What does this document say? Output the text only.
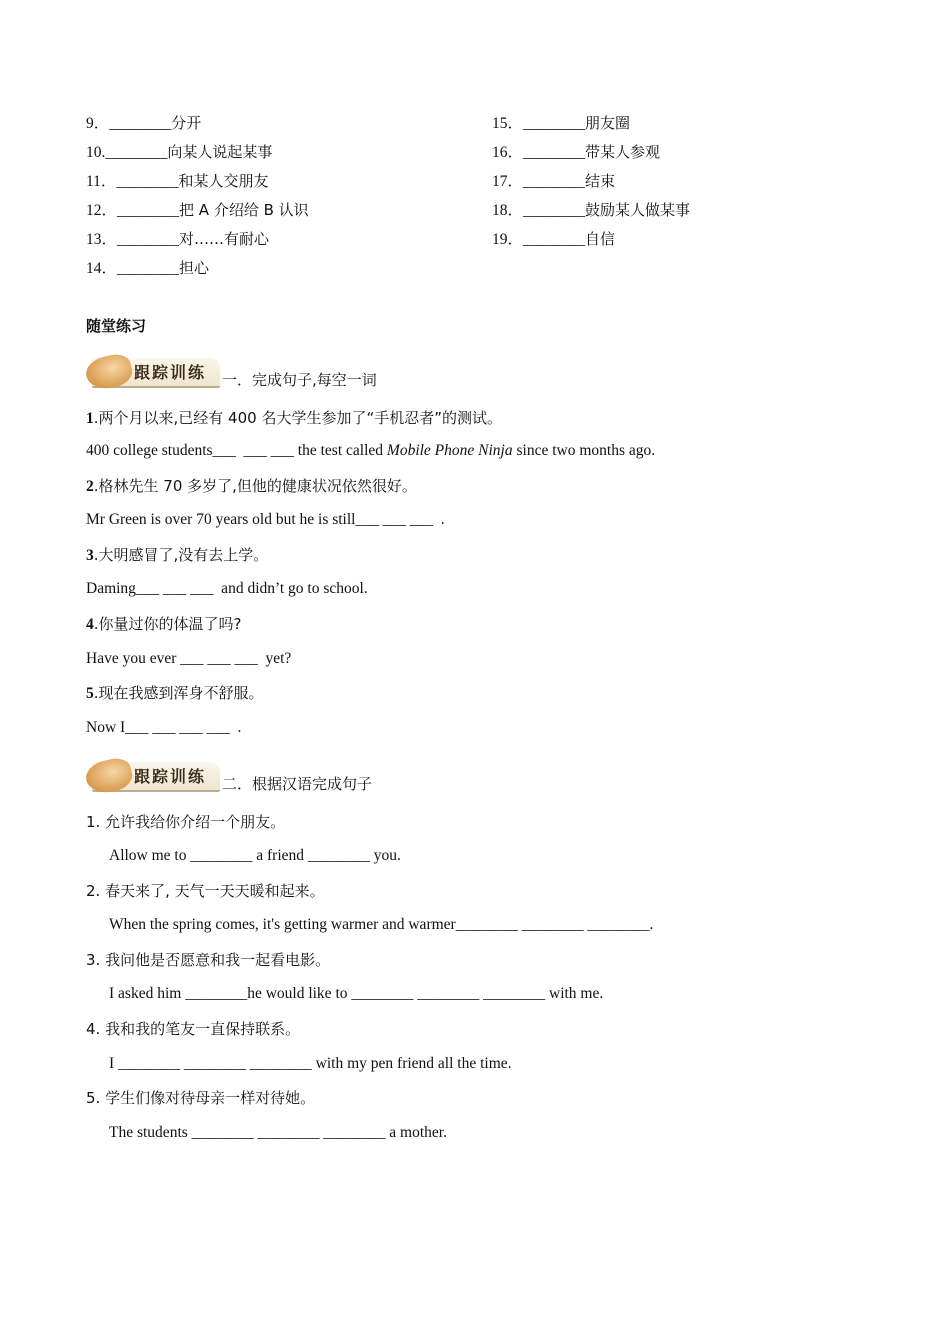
9．________分开
10.________向某人说起某事
11．________和某人交朋友
12．________把 A 介绍给 B 认识
13．________对……有耐心
14．________担心
15．________朋友圈
16．________带某人参观
17．________结束
18．________鼓励某人做某事
19．________自信
随堂练习
跟踪训练 一．完成句子,每空一词
1.两个月以来,已经有 400 名大学生参加了“手机忍者”的测试。
400 college students___  ___ ___ the test called Mobile Phone Ninja since two months ago.
2.格林先生 70 多岁了,但他的健康状况依然很好。
Mr Green is over 70 years old but he is still___ ___ ___  .
3.大明感冒了,没有去上学。
Daming___ ___ ___  and didn’t go to school.
4.你量过你的体温了吗?
Have you ever ___ ___ ___  yet?
5.现在我感到浑身不舒服。
Now I___ ___ ___ ___  .
跟踪训练 二．根据汉语完成句子
1. 允许我给你介绍一个朋友。
Allow me to ________ a friend ________ you.
2. 春天来了, 天气一天天暖和起来。
When the spring comes, it's getting warmer and warmer________ ________ ________.
3. 我问他是否愿意和我一起看电影。
I asked him ________he would like to ________ ________ ________ with me.
4. 我和我的笔友一直保持联系。
I ________ ________ ________ with my pen friend all the time.
5. 学生们像对待母亲一样对待她。
The students ________ ________ ________ a mother.
